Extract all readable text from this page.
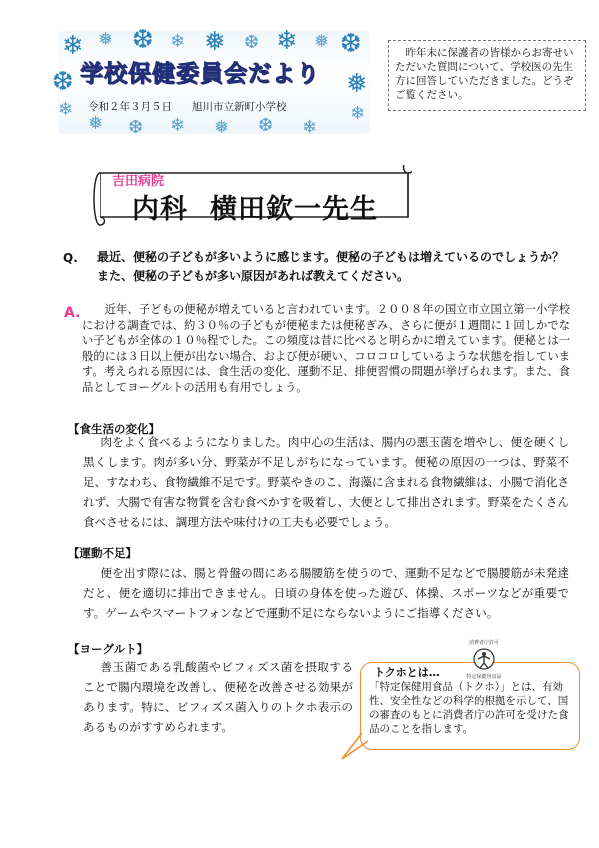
❄ ❅ ❆ ❄ ❅ ❆ ❄ ❅ ❆
❆
❄
❅
❄
❅ ❆ ❄ ❅ ❆ ❄
学校保健委員会だより
令和２年３月５日 旭川市立新町小学校
昨年末に保護者の皆様からお寄せいただいた質問について、学校医の先生方に回答していただきました。どうぞご覧ください。
吉田病院
内科 横田欽一先生
Q. 最近、便秘の子どもが多いように感じます。便秘の子どもは増えているのでしょうか？また、便秘の子どもが多い原因があれば教えてください。
A.	近年、子どもの便秘が増えていると言われています。２００８年の国立市立国立第一小学校における調査では、約３０％の子どもが便秘または便秘ぎみ、さらに便が１週間に１回しかでない子どもが全体の１０％程でした。この頻度は昔に比べると明らかに増えています。便秘とは一般的には３日以上便が出ない場合、および便が硬い、コロコロしているような状態を指しています。考えられる原因には、食生活の変化、運動不足、排便習慣の問題が挙げられます。また、食品としてヨーグルトの活用も有用でしょう。
【食生活の変化】
肉をよく食べるようになりました。肉中心の生活は、腸内の悪玉菌を増やし、便を硬くし黒くします。肉が多い分、野菜が不足しがちになっています。便秘の原因の一つは、野菜不足、すなわち、食物繊維不足です。野菜やきのこ、海藻に含まれる食物繊維は、小腸で消化されず、大腸で有害な物質を含む食べかすを吸着し、大便として排出されます。野菜をたくさん食べさせるには、調理方法や味付けの工夫も必要でしょう。
【運動不足】
便を出す際には、腸と骨盤の間にある腸腰筋を使うので、運動不足などで腸腰筋が未発達だと、便を適切に排出できません。日頃の身体を使った遊び、体操、スポーツなどが重要です。ゲームやスマートフォンなどで運動不足にならないようにご指導ください。
【ヨーグルト】
善玉菌である乳酸菌やビフィズス菌を摂取することで腸内環境を改善し、便秘を改善させる効果があります。特に、ビフィズス菌入りのトクホ表示のあるものがすすめられます。
消費者庁許可
特定保健用食品
トクホとは…
「特定保健用食品（トクホ）」とは、有効性、安全性などの科学的根拠を示して、国の審査のもとに消費者庁の許可を受けた食品のことを指します。
